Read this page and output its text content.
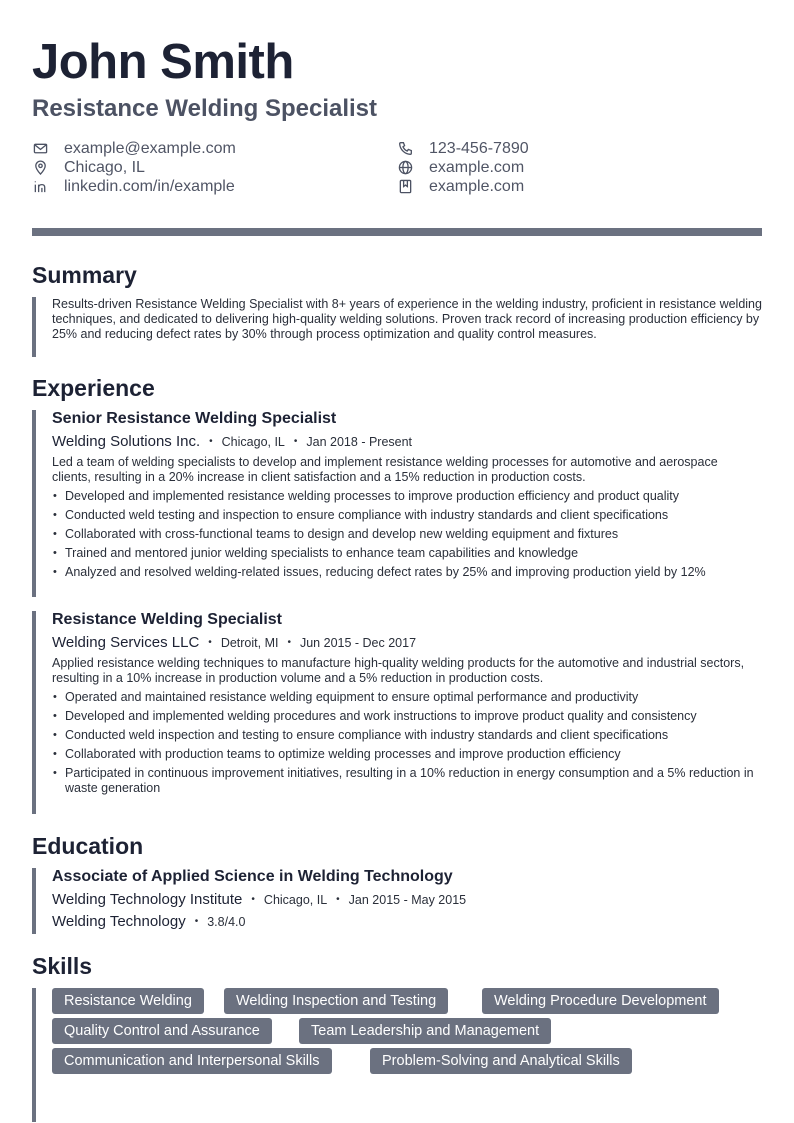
John Smith
Resistance Welding Specialist
example@example.com
Chicago, IL
linkedin.com/in/example
123-456-7890
example.com
example.com
Summary
Results-driven Resistance Welding Specialist with 8+ years of experience in the welding industry, proficient in resistance welding techniques, and dedicated to delivering high-quality welding solutions. Proven track record of increasing production efficiency by 25% and reducing defect rates by 30% through process optimization and quality control measures.
Experience
Senior Resistance Welding Specialist
Welding Solutions Inc. • Chicago, IL • Jan 2018 - Present
Led a team of welding specialists to develop and implement resistance welding processes for automotive and aerospace clients, resulting in a 20% increase in client satisfaction and a 15% reduction in production costs.
• Developed and implemented resistance welding processes to improve production efficiency and product quality
• Conducted weld testing and inspection to ensure compliance with industry standards and client specifications
• Collaborated with cross-functional teams to design and develop new welding equipment and fixtures
• Trained and mentored junior welding specialists to enhance team capabilities and knowledge
• Analyzed and resolved welding-related issues, reducing defect rates by 25% and improving production yield by 12%
Resistance Welding Specialist
Welding Services LLC • Detroit, MI • Jun 2015 - Dec 2017
Applied resistance welding techniques to manufacture high-quality welding products for the automotive and industrial sectors, resulting in a 10% increase in production volume and a 5% reduction in production costs.
• Operated and maintained resistance welding equipment to ensure optimal performance and productivity
• Developed and implemented welding procedures and work instructions to improve product quality and consistency
• Conducted weld inspection and testing to ensure compliance with industry standards and client specifications
• Collaborated with production teams to optimize welding processes and improve production efficiency
• Participated in continuous improvement initiatives, resulting in a 10% reduction in energy consumption and a 5% reduction in waste generation
Education
Associate of Applied Science in Welding Technology
Welding Technology Institute • Chicago, IL • Jan 2015 - May 2015
Welding Technology • 3.8/4.0
Skills
Resistance Welding	Welding Inspection and Testing	Welding Procedure Development
Quality Control and Assurance	Team Leadership and Management
Communication and Interpersonal Skills	Problem-Solving and Analytical Skills
